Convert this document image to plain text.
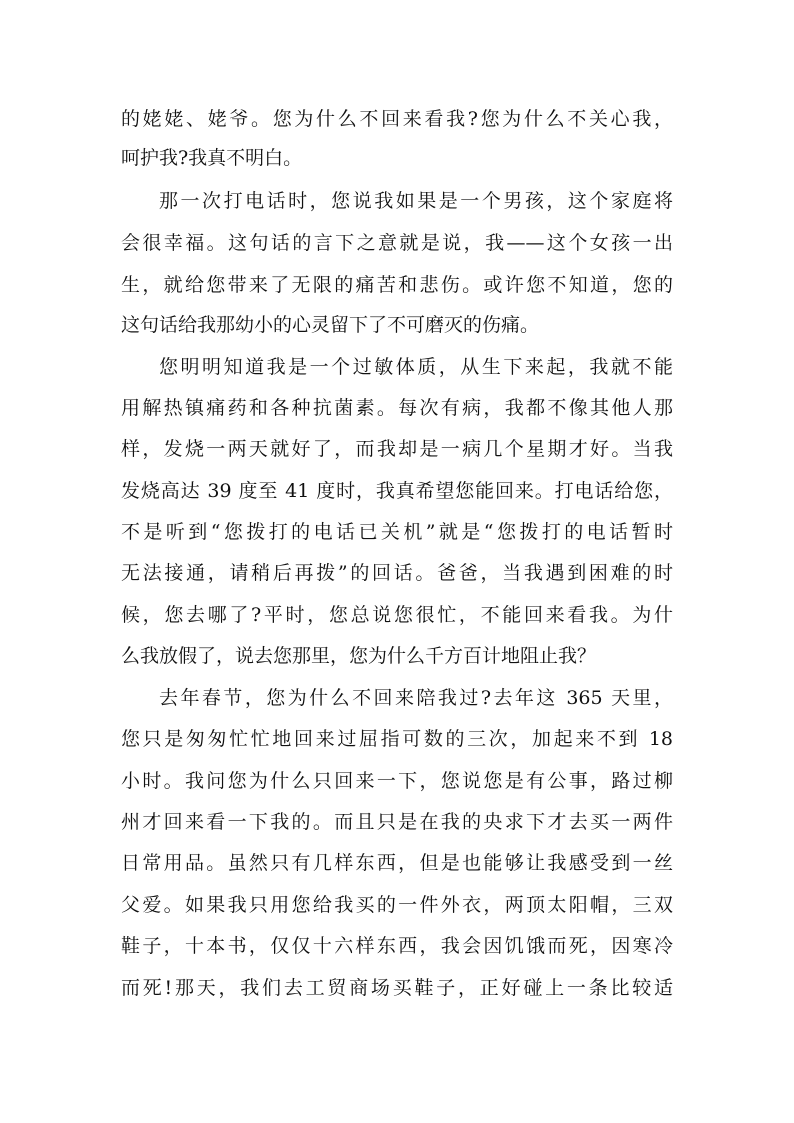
的姥姥、姥爷。您为什么不回来看我?您为什么不关心我，
呵护我?我真不明白。
那一次打电话时，您说我如果是一个男孩，这个家庭将
会很幸福。这句话的言下之意就是说，我——这个女孩一出
生，就给您带来了无限的痛苦和悲伤。或许您不知道，您的
这句话给我那幼小的心灵留下了不可磨灭的伤痛。
您明明知道我是一个过敏体质，从生下来起，我就不能
用解热镇痛药和各种抗菌素。每次有病，我都不像其他人那
样，发烧一两天就好了，而我却是一病几个星期才好。当我
发烧高达 39 度至 41 度时，我真希望您能回来。打电话给您，
不是听到“您拨打的电话已关机”就是“您拨打的电话暂时
无法接通，请稍后再拨”的回话。爸爸，当我遇到困难的时
候，您去哪了?平时，您总说您很忙，不能回来看我。为什
么我放假了，说去您那里，您为什么千方百计地阻止我？
去年春节，您为什么不回来陪我过?去年这 365 天里，
您只是匆匆忙忙地回来过屈指可数的三次，加起来不到 18
小时。我问您为什么只回来一下，您说您是有公事，路过柳
州才回来看一下我的。而且只是在我的央求下才去买一两件
日常用品。虽然只有几样东西，但是也能够让我感受到一丝
父爱。如果我只用您给我买的一件外衣，两顶太阳帽，三双
鞋子，十本书，仅仅十六样东西，我会因饥饿而死，因寒冷
而死!那天，我们去工贸商场买鞋子，正好碰上一条比较适
